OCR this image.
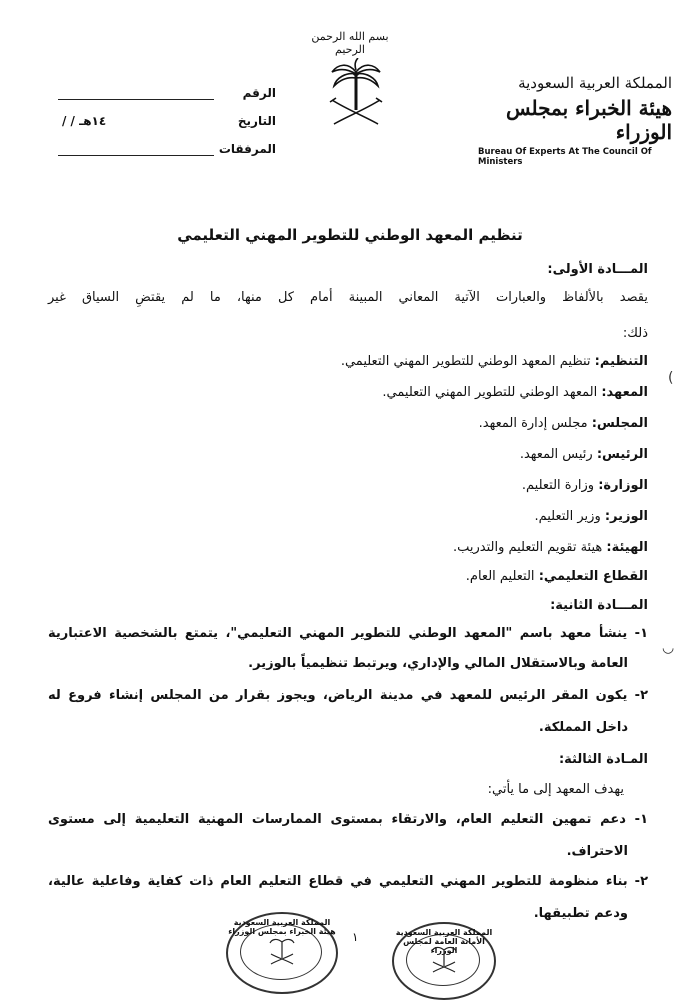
بسم الله الرحمن الرحيم
المملكة العربية السعودية
هيئة الخبراء بمجلس الوزراء
Bureau Of Experts At The Council Of Ministers
الرقم
التاريخ
/ / ١٤هـ
المرفقات
تنظيم المعهد الوطني للتطوير المهني التعليمي
المـــادة الأولى:
يقصد بالألفاظ والعبارات الآتية المعاني المبينة أمام كل منها، ما لم يقتضِ السياق غير
ذلك:
التنظيم: تنظيم المعهد الوطني للتطوير المهني التعليمي.
المعهد: المعهد الوطني للتطوير المهني التعليمي.
المجلس: مجلس إدارة المعهد.
الرئيس: رئيس المعهد.
الوزارة: وزارة التعليم.
الوزير: وزير التعليم.
الهيئة: هيئة تقويم التعليم والتدريب.
القطاع التعليمي: التعليم العام.
المـــادة الثانية:
١- ينشأ معهد باسم "المعهد الوطني للتطوير المهني التعليمي"، يتمتع بالشخصية الاعتبارية
العامة وبالاستقلال المالي والإداري، ويرتبط تنظيمياً بالوزير.
٢- يكون المقر الرئيس للمعهد في مدينة الرياض، ويجوز بقرار من المجلس إنشاء فروع له
داخل المملكة.
المـادة الثالثة:
يهدف المعهد إلى ما يأتي:
١- دعم تمهين التعليم العام، والارتقاء بمستوى الممارسات المهنية التعليمية إلى مستوى
الاحتراف.
٢- بناء منظومة للتطوير المهني التعليمي في قطاع التعليم العام ذات كفاية وفاعلية عالية،
ودعم تطبيقها.
(
◡
المملكة العربية السعودية هيئة الخبراء بمجلس الوزراء	المملكة العربية السعودية الأمانة العامة لمجلس الوزراء
١
